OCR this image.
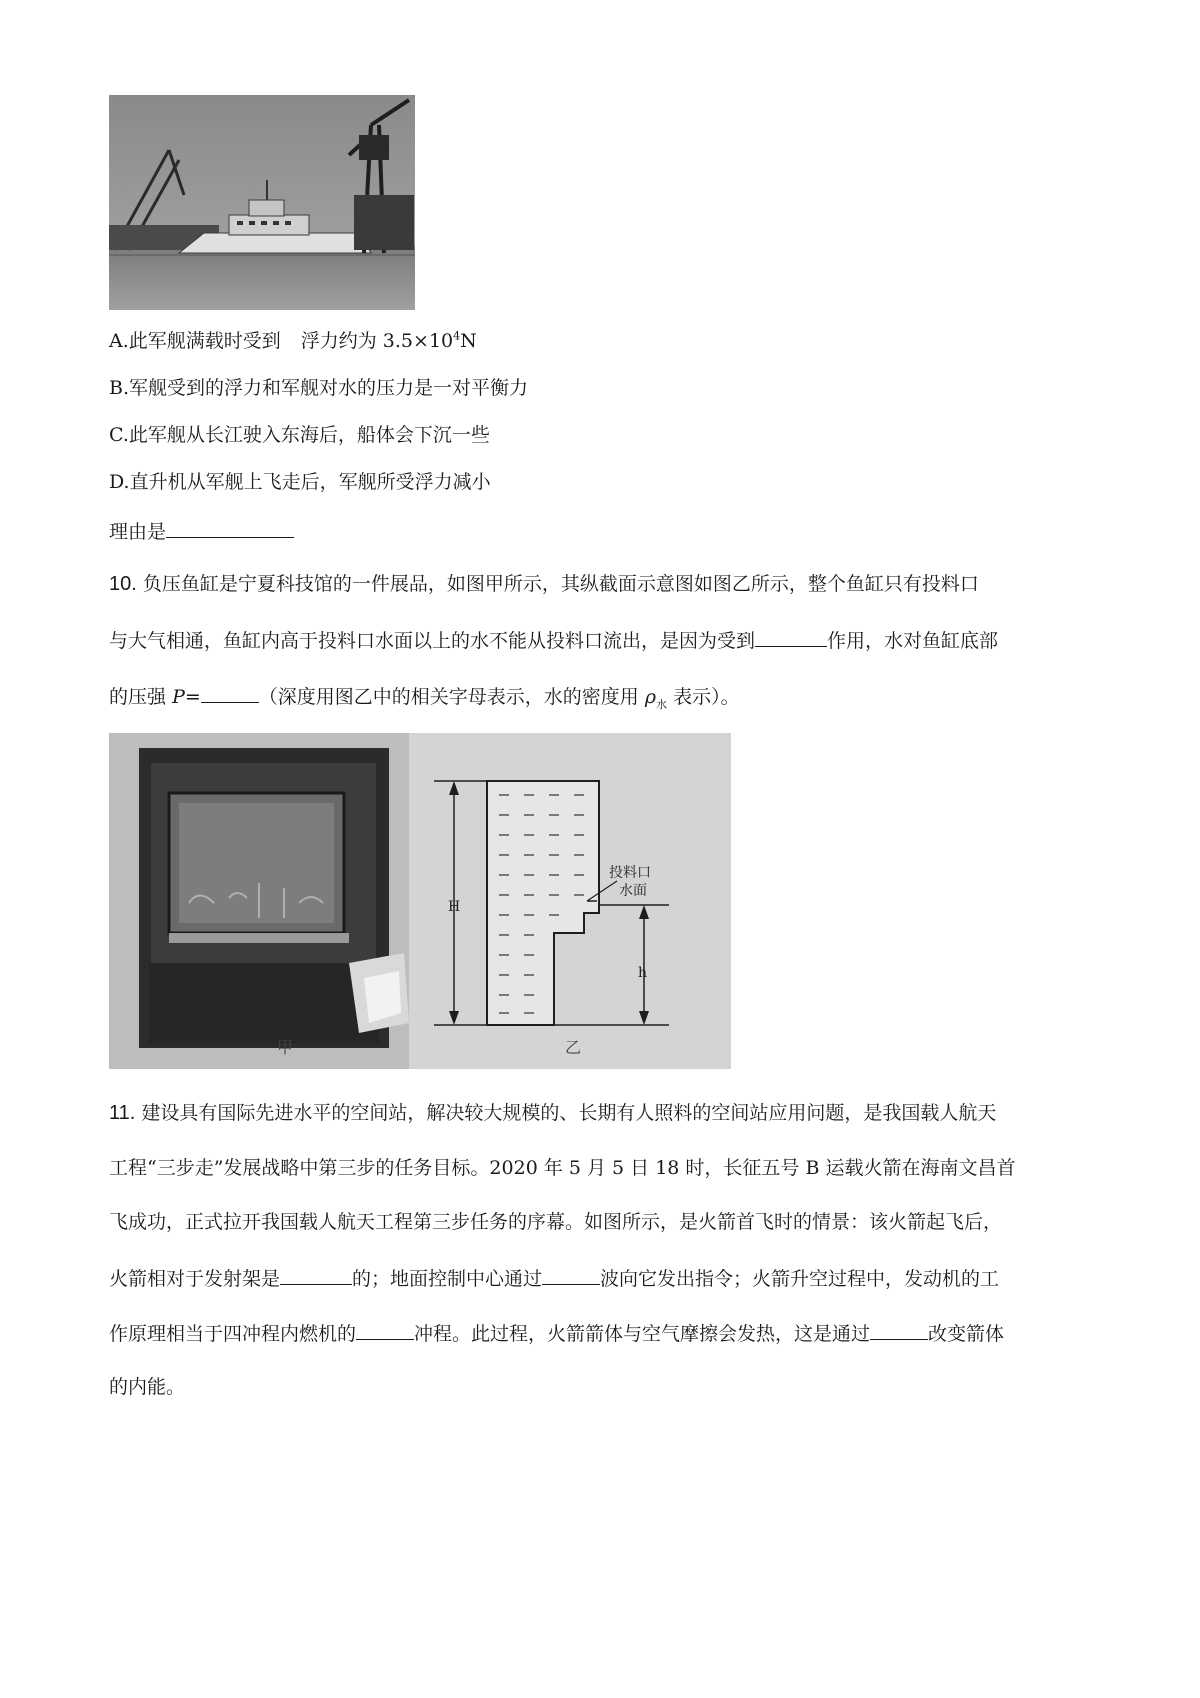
A.此军舰满载时受到 浮力约为 $3.5\times 10^4N$
B.军舰受到的浮力和军舰对水的压力是一对平衡力
C.此军舰从长江驶入东海后，船体会下沉一些
D.直升机从军舰上飞走后，军舰所受浮力减小
理由是
10. 负压鱼缸是宁夏科技馆的一件展品，如图甲所示，其纵截面示意图如图乙所示，整个鱼缸只有投料口
与大气相通，鱼缸内高于投料口水面以上的水不能从投料口流出，是因为受到	作用，水对鱼缸底部
的压强 P=	（深度用图乙中的相关字母表示，水的密度用 $\rho_水$ 表示）。
甲
H
h
投料口
水面
乙
11. 建设具有国际先进水平的空间站，解决较大规模的、长期有人照料的空间站应用问题，是我国载人航天
工程“三步走”发展战略中第三步的任务目标。2020 年 5 月 5 日 18 时，长征五号 B 运载火箭在海南文昌首
飞成功，正式拉开我国载人航天工程第三步任务的序幕。如图所示，是火箭首飞时的情景：该火箭起飞后，
火箭相对于发射架是	的；地面控制中心通过	波向它发出指令；火箭升空过程中，发动机的工
作原理相当于四冲程内燃机的	冲程。此过程，火箭箭体与空气摩擦会发热，这是通过	改变箭体
的内能。
